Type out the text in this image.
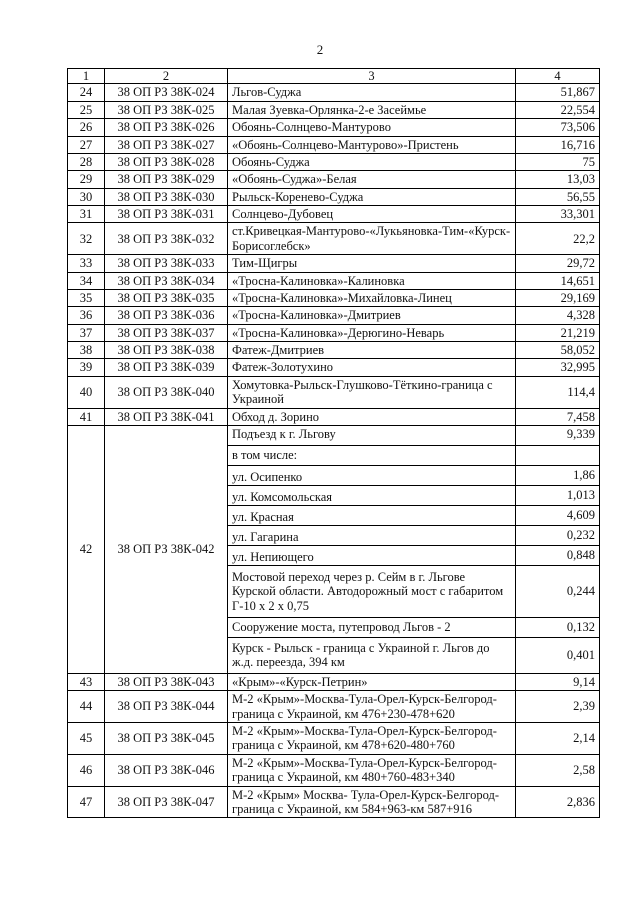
2
1	2	3	4
24	38 ОП РЗ 38К-024	Льгов-Суджа	51,867
25	38 ОП РЗ 38К-025	Малая Зуевка-Орлянка-2-е Засеймье	22,554
26	38 ОП РЗ 38К-026	Обоянь-Солнцево-Мантурово	73,506
27	38 ОП РЗ 38К-027	«Обоянь-Солнцево-Мантурово»-Пристень	16,716
28	38 ОП РЗ 38К-028	Обоянь-Суджа	75
29	38 ОП РЗ 38К-029	«Обоянь-Суджа»-Белая	13,03
30	38 ОП РЗ 38К-030	Рыльск-Коренево-Суджа	56,55
31	38 ОП РЗ 38К-031	Солнцево-Дубовец	33,301
32	38 ОП РЗ 38К-032	ст.Кривецкая-Мантурово-«Лукьяновка-Тим-«Курск-Борисоглебск»	22,2
33	38 ОП РЗ 38К-033	Тим-Щигры	29,72
34	38 ОП РЗ 38К-034	«Тросна-Калиновка»-Калиновка	14,651
35	38 ОП РЗ 38К-035	«Тросна-Калиновка»-Михайловка-Линец	29,169
36	38 ОП РЗ 38К-036	«Тросна-Калиновка»-Дмитриев	4,328
37	38 ОП РЗ 38К-037	«Тросна-Калиновка»-Дерюгино-Неварь	21,219
38	38 ОП РЗ 38К-038	Фатеж-Дмитриев	58,052
39	38 ОП РЗ 38К-039	Фатеж-Золотухино	32,995
40	38 ОП РЗ 38К-040	Хомутовка-Рыльск-Глушково-Тёткино-граница с Украиной	114,4
41	38 ОП РЗ 38К-041	Обход д. Зорино	7,458
42	38 ОП РЗ 38К-042	Подъезд к г. Льгову	9,339
		в том числе:	
		ул. Осипенко	1,86
		ул. Комсомольская	1,013
		ул. Красная	4,609
		ул. Гагарина	0,232
		ул. Непиющего	0,848
		Мостовой переход через р. Сейм в г. Льгове Курской области. Автодорожный мост с габаритом Г-10 х 2 х 0,75	0,244
		Сооружение моста, путепровод Льгов - 2	0,132
		Курск - Рыльск - граница с Украиной г. Льгов до ж.д. переезда, 394 км	0,401
43	38 ОП РЗ 38К-043	«Крым»-«Курск-Петрин»	9,14
44	38 ОП РЗ 38К-044	М-2 «Крым»-Москва-Тула-Орел-Курск-Белгород-граница с Украиной, км 476+230-478+620	2,39
45	38 ОП РЗ 38К-045	М-2 «Крым»-Москва-Тула-Орел-Курск-Белгород-граница с Украиной, км 478+620-480+760	2,14
46	38 ОП РЗ 38К-046	М-2 «Крым»-Москва-Тула-Орел-Курск-Белгород-граница с Украиной, км 480+760-483+340	2,58
47	38 ОП РЗ 38К-047	М-2 «Крым» Москва- Тула-Орел-Курск-Белгород-граница с Украиной, км 584+963-км 587+916	2,836
